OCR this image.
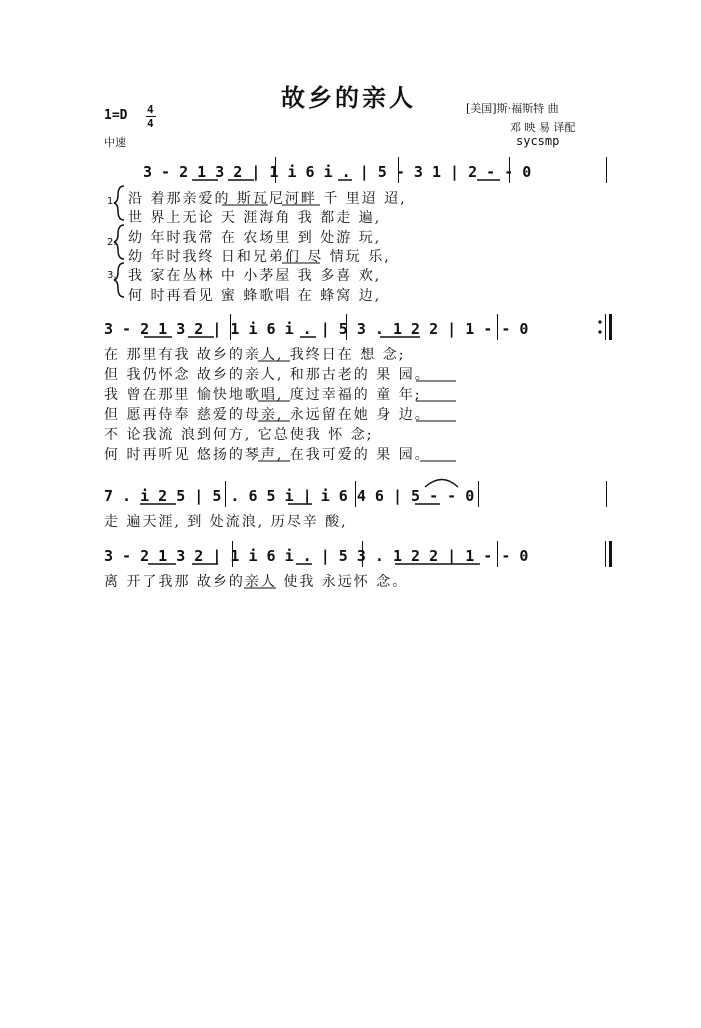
故乡的亲人	[美国]斯·福斯特 曲
邓 映 易 译配
sycsmp
1=D 4
4
中速
3 - 2 1 3 2 | 1 i 6 i . | 5 - 3 1 | 2 - - 0
1.
2.
3.
沿 着那亲爱的 斯瓦尼河畔 千 里迢 迢,
世 界上无论 天 涯海角 我 都走 遍,
幼 年时我常 在 农场里 到 处游 玩,
幼 年时我终 日和兄弟们 尽 情玩 乐,
我 家在丛林 中 小茅屋 我 多喜 欢,
何 时再看见 蜜 蜂歌唱 在 蜂窝 边,
3 - 2 1 3 2 | 1 i 6 i . | 5 3 . 1 2 2 | 1 - - 0
在 那里有我 故乡的亲人, 我终日在 想 念;
但 我仍怀念 故乡的亲人, 和那古老的 果 园。
我 曾在那里 愉快地歌唱, 度过幸福的 童 年;
但 愿再侍奉 慈爱的母亲, 永远留在她 身 边。
不 论我流 浪到何方, 它总使我 怀 念;
何 时再听见 悠扬的琴声, 在我可爱的 果 园。
7 . i 2 5 | 5 . 6 5 i | i 6 4 6 | 5 - - 0
走 遍天涯, 到 处流浪, 历尽辛 酸,
3 - 2 1 3 2 | 1 i 6 i . | 5 3 . 1 2 2 | 1 - - 0
离 开了我那 故乡的亲人 使我 永远怀 念。
